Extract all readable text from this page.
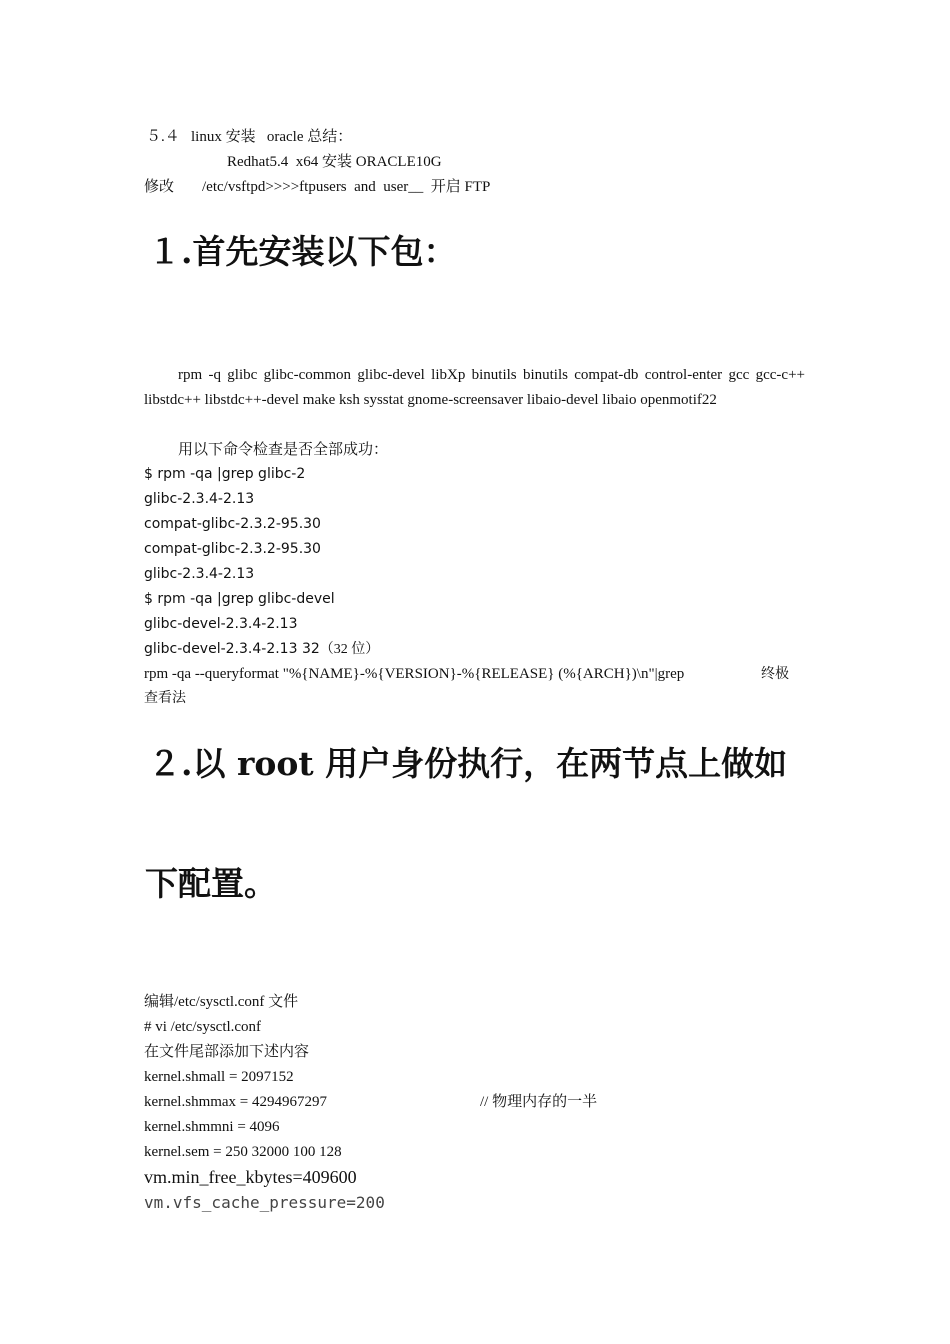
５.４   linux 安装   oracle 总结：
Redhat5.4  x64 安装 ORACLE10G
修改 /etc/vsftpd>>>>ftpusers  and  user__  开启 FTP
１.首先安装以下包：
rpm -q glibc glibc-common glibc-devel libXp binutils binutils compat-db control-enter gcc gcc-c++ libstdc++ libstdc++-devel make ksh sysstat gnome-screensaver libaio-devel libaio openmotif22
用以下命令检查是否全部成功：
$ rpm -qa |grep glibc-2
glibc-2.3.4-2.13
compat-glibc-2.3.2-95.30
compat-glibc-2.3.2-95.30
glibc-2.3.4-2.13
$ rpm -qa |grep glibc-devel
glibc-devel-2.3.4-2.13
glibc-devel-2.3.4-2.13 32（32 位）
rpm -qa --queryformat "%{NAME}-%{VERSION}-%{RELEASE} (%{ARCH})\n"|grep	终极
查看法
２.以 root 用户身份执行，在两节点上做如
下配置。
编辑/etc/sysctl.conf 文件
# vi /etc/sysctl.conf
在文件尾部添加下述内容
kernel.shmall = 2097152
kernel.shmmax = 4294967297	// 物理内存的一半
kernel.shmmni = 4096
kernel.sem = 250 32000 100 128
vm.min_free_kbytes=409600
vm.vfs_cache_pressure=200
